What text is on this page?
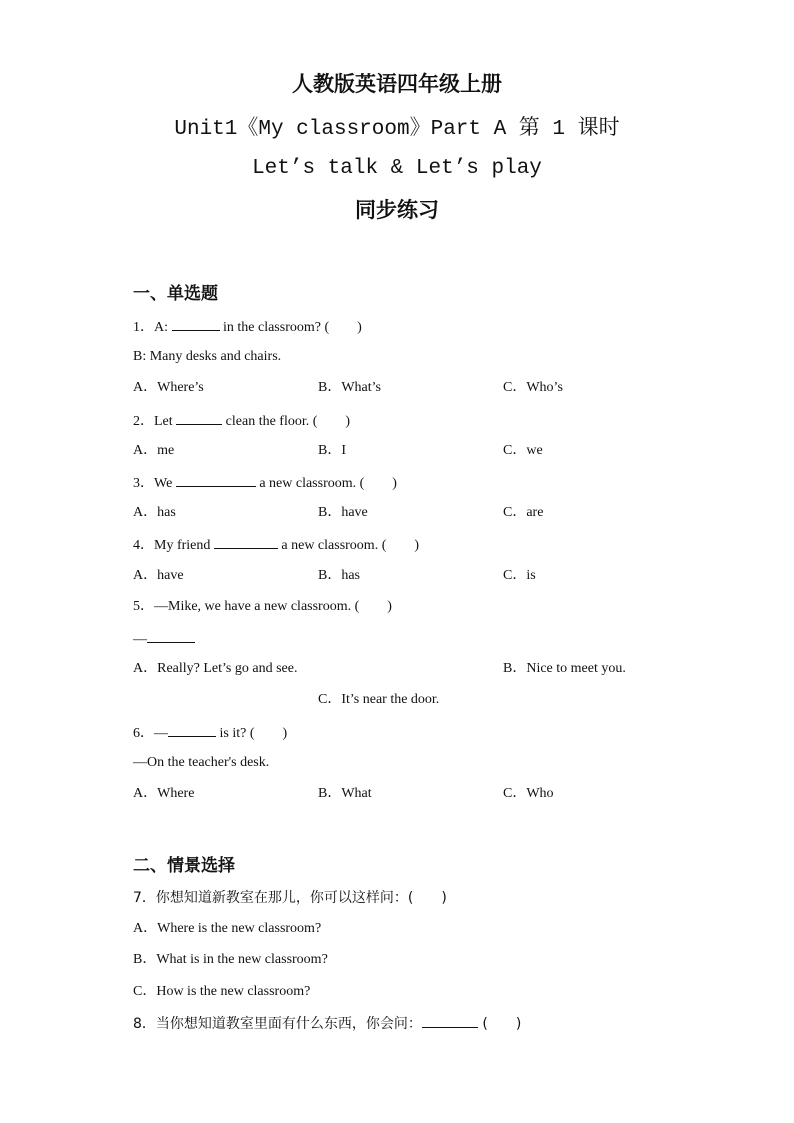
人教版英语四年级上册
Unit1《My classroom》Part A 第 1 课时
Let’s talk & Let’s play
同步练习
一、单选题
1．A:	in the classroom? (　　)
B: Many desks and chairs.
A．Where’s	B．What’s	C．Who’s
2．Let	clean the floor. (　　)
A．me	B．I	C．we
3．We	a new classroom. (　　)
A．has	B．have	C．are
4．My friend	a new classroom. (　　)
A．have	B．has	C．is
5．—Mike, we have a new classroom. (　　)
—
A．Really? Let’s go and see.	B．Nice to meet you.
C．It’s near the door.
6．—	is it? (　　)
—On the teacher's desk.
A．Where	B．What	C．Who
二、情景选择
7．你想知道新教室在那儿，你可以这样问：(　　)
A．Where is the new classroom?
B．What is in the new classroom?
C．How is the new classroom?
8．当你想知道教室里面有什么东西，你会问：	(　　)
